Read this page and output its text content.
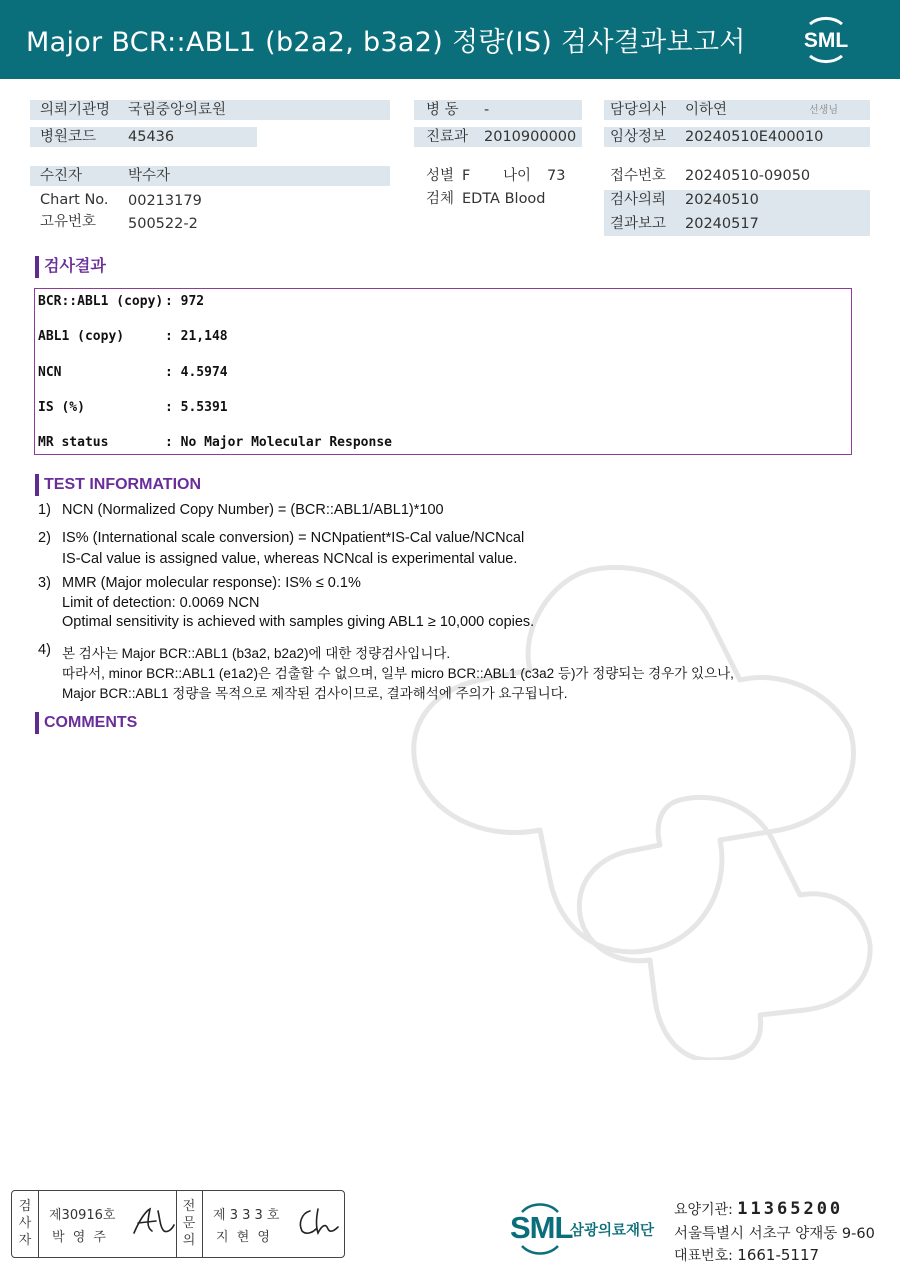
Major BCR::ABL1 (b2a2, b3a2) 정량(IS) 검사결과보고서	SML
의뢰기관명 국립중앙의료원	병 동 -	담당의사 이하연	선생님
병원코드 45436	진료과 2010900000 임상정보 20240510E400010
수진자	박수자	성별 F 나이 73	접수번호 20240510-09050
Chart No. 00213179	검체 EDTA Blood	검사의뢰 20240510
고유번호 500522-2	결과보고 20240517
검사결과
BCR::ABL1 (copy) : 972
ABL1 (copy)	: 21,148
NCN	: 4.5974
IS (%)	: 5.5391
MR status	: No Major Molecular Response
TEST INFORMATION
1) NCN (Normalized Copy Number) = (BCR::ABL1/ABL1)*100
2) IS% (International scale conversion) = NCNpatient*IS-Cal value/NCNcal
IS-Cal value is assigned value, whereas NCNcal is experimental value.
3) MMR (Major molecular response): IS% ≤ 0.1%
Limit of detection: 0.0069 NCN
Optimal sensitivity is achieved with samples giving ABL1 ≥ 10,000 copies.
4) 본 검사는 Major BCR::ABL1 (b3a2, b2a2)에 대한 정량검사입니다.
따라서, minor BCR::ABL1 (e1a2)은 검출할 수 없으며, 일부 micro BCR::ABL1 (c3a2 등)가 정량되는 경우가 있으나,
Major BCR::ABL1 정량을 목적으로 제작된 검사이므로, 결과해석에 주의가 요구됩니다.
COMMENTS
검
사
자
제30916호
박 영 주
전
문
의
제 3 3 3 호
지 현 영	SML
삼광의료재단
요양기관: 11365200
서울특별시 서초구 양재동 9-60
대표번호: 1661-5117
